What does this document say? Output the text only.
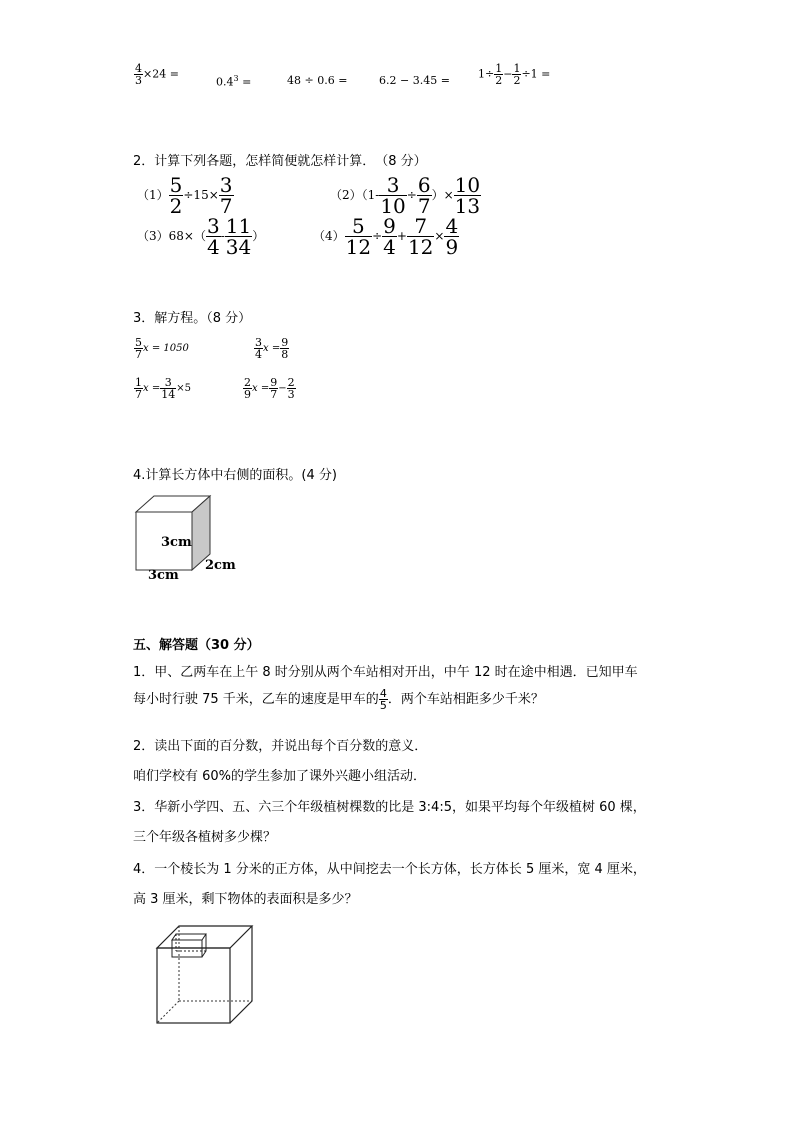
$\frac{4}{3} \times 24$ =
$0.4^3$ =	48 ÷ 0.6 =	6.2 − 3.45 =	$1\div \frac{1}{2} - \frac{1}{2} \div 1$ =
2．计算下列各题，怎样简便就怎样计算．　（8 分）
$(1) \frac{5}{2} \div 15\times \frac{3}{7}$	$(2)(1- \frac{3}{10} \div \frac{6}{7}$ ）× $\frac{10}{13}$
$(3)68\times( \frac{3}{4} - \frac{11}{34}$ ）	$(4) \frac{5}{12} \div \frac{9}{4} + \frac{7}{12} \times \frac{4}{9}$
3．解方程。（8 分）
$\frac{5}{7}$ x = 1050	$\frac{3}{4}$ $x = \frac{9}{8}$
$\frac{1}{7}$ $x = \frac{3}{14} \times 5$	$\frac{2}{9}$ $x = \frac{9}{7} - \frac{2}{3}$
4.计算长方体中右侧的面积。(4 分)
3cm
3cm
2cm
五、解答题（30 分）
1．甲、乙两车在上午 8 时分别从两个车站相对开出，中午 12 时在途中相遇．已知甲车
每小时行驶 75 千米，乙车的速度是甲车的 $\frac{4}{5}$ ．两个车站相距多少千米？
2．读出下面的百分数，并说出每个百分数的意义．
咱们学校有 60%的学生参加了课外兴趣小组活动．
3．华新小学四、五、六三个年级植树棵数的比是 3:4:5，如果平均每个年级植树 60 棵，
三个年级各植树多少棵？
4．一个棱长为 1 分米的正方体，从中间挖去一个长方体，长方体长 5 厘米，宽 4 厘米，
高 3 厘米，剩下物体的表面积是多少？
